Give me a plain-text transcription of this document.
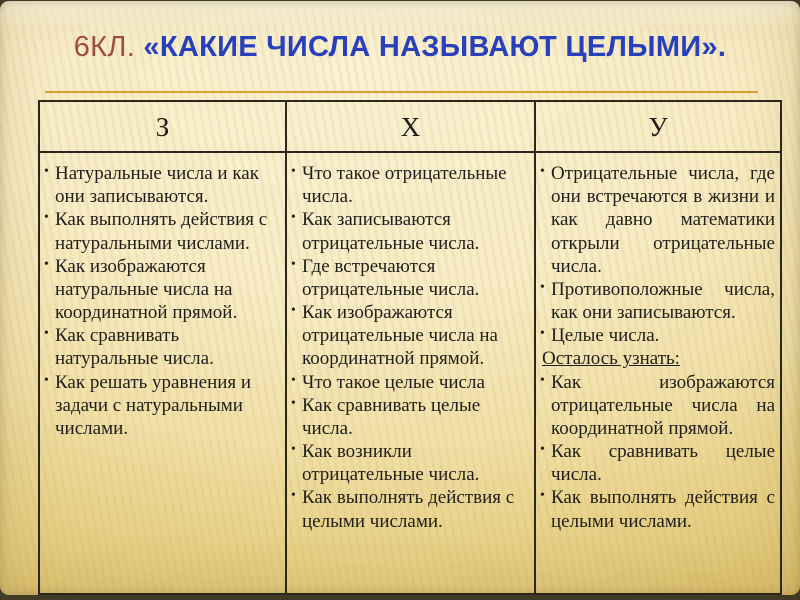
6КЛ. «КАКИЕ ЧИСЛА НАЗЫВАЮТ ЦЕЛЫМИ».
З	Х	У
• Натуральные числа и как они записываются.
• Как выполнять действия с натуральными числами.
• Как изображаются натуральные числа на координатной прямой.
• Как сравнивать натуральные числа.
• Как решать уравнения и задачи с натуральными числами.
• Что такое отрицательные числа.
• Как записываются отрицательные числа.
• Где встречаются отрицательные числа.
• Как изображаются отрицательные числа на координатной прямой.
• Что такое целые числа
• Как сравнивать целые числа.
• Как возникли отрицательные числа.
• Как выполнять действия с целыми числами.
• Отрицательные числа, где они встречаются в жизни и как давно математики открыли отрицательные числа.
• Противоположные числа, как они записываются.
• Целые числа.
Осталось узнать:
• Как изображаются отрицательные числа на координатной прямой.
• Как сравнивать целые числа.
• Как выполнять действия с целыми числами.
